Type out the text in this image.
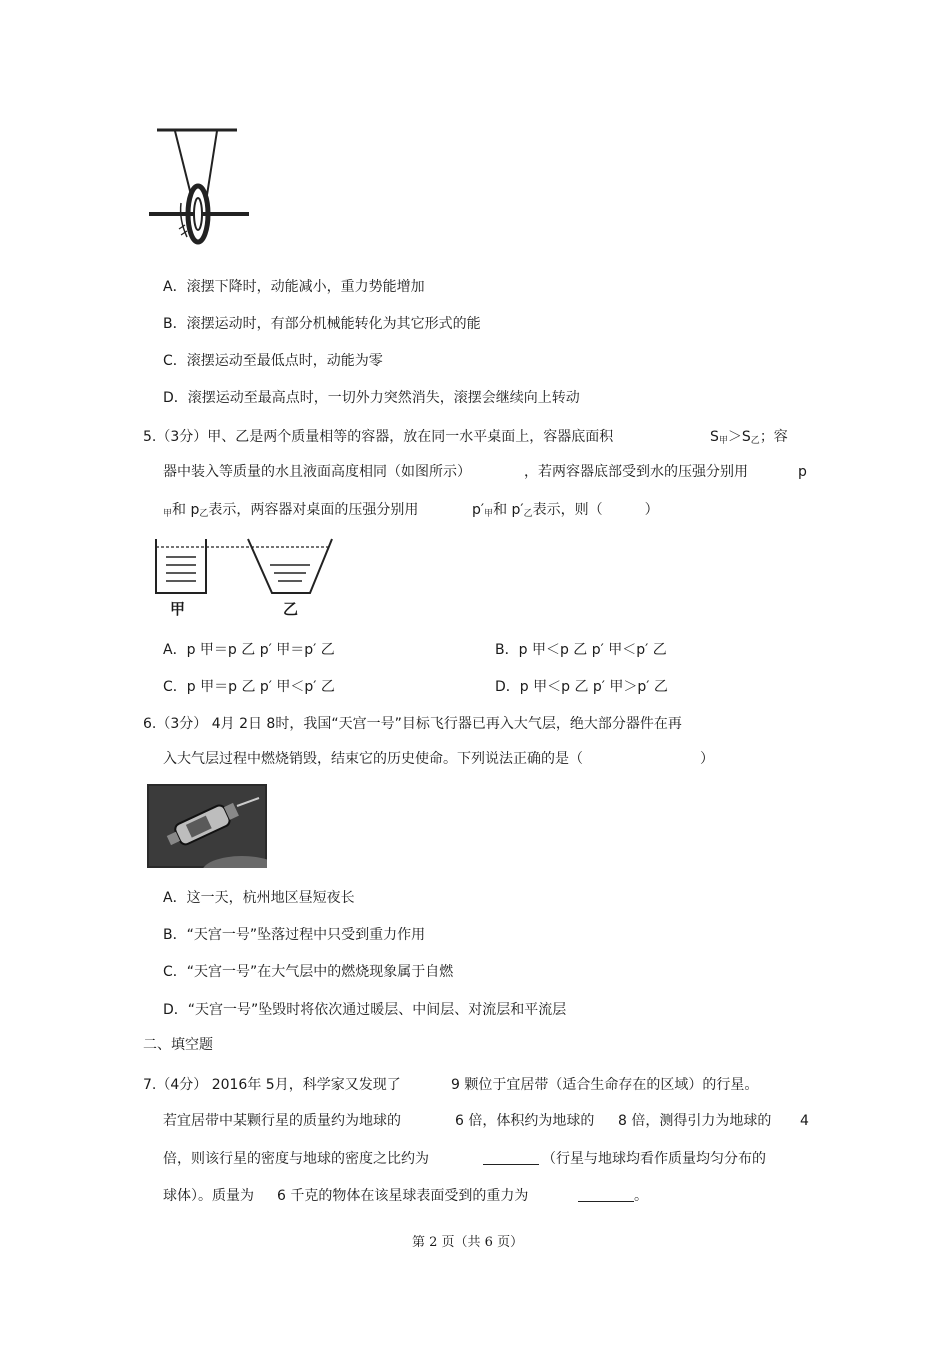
A．滚摆下降时，动能减小，重力势能增加
B．滚摆运动时，有部分机械能转化为其它形式的能
C．滚摆运动至最低点时，动能为零
D．滚摆运动至最高点时，一切外力突然消失，滚摆会继续向上转动
5.（3分）甲、乙是两个质量相等的容器，放在同一水平桌面上，容器底面积	S甲＞S乙；容
器中装入等质量的水且液面高度相同（如图所示）	，若两容器底部受到水的压强分别用	p
甲和 p乙表示，两容器对桌面的压强分别用	p′甲和 p′乙表示，则（	）
甲	乙
A．p 甲＝p 乙 p′ 甲＝p′ 乙	B．p 甲＜p 乙 p′ 甲＜p′ 乙
C．p 甲＝p 乙 p′ 甲＜p′ 乙	D．p 甲＜p 乙 p′ 甲＞p′ 乙
6.（3分） 4月 2日 8时，我国“天宫一号”目标飞行器已再入大气层，绝大部分器件在再
入大气层过程中燃烧销毁，结束它的历史使命。下列说法正确的是（	）
A．这一天，杭州地区昼短夜长
B．“天宫一号”坠落过程中只受到重力作用
C．“天宫一号”在大气层中的燃烧现象属于自燃
D．“天宫一号”坠毁时将依次通过暖层、中间层、对流层和平流层
二、填空题
7.（4分） 2016年 5月，科学家又发现了	9 颗位于宜居带（适合生命存在的区域）的行星。
若宜居带中某颗行星的质量约为地球的	6 倍，体积约为地球的 8 倍，测得引力为地球的 4
倍，则该行星的密度与地球的密度之比约为	（行星与地球均看作质量均匀分布的
球体）。质量为 6 千克的物体在该星球表面受到的重力为	。
第 2 页（共 6 页）
